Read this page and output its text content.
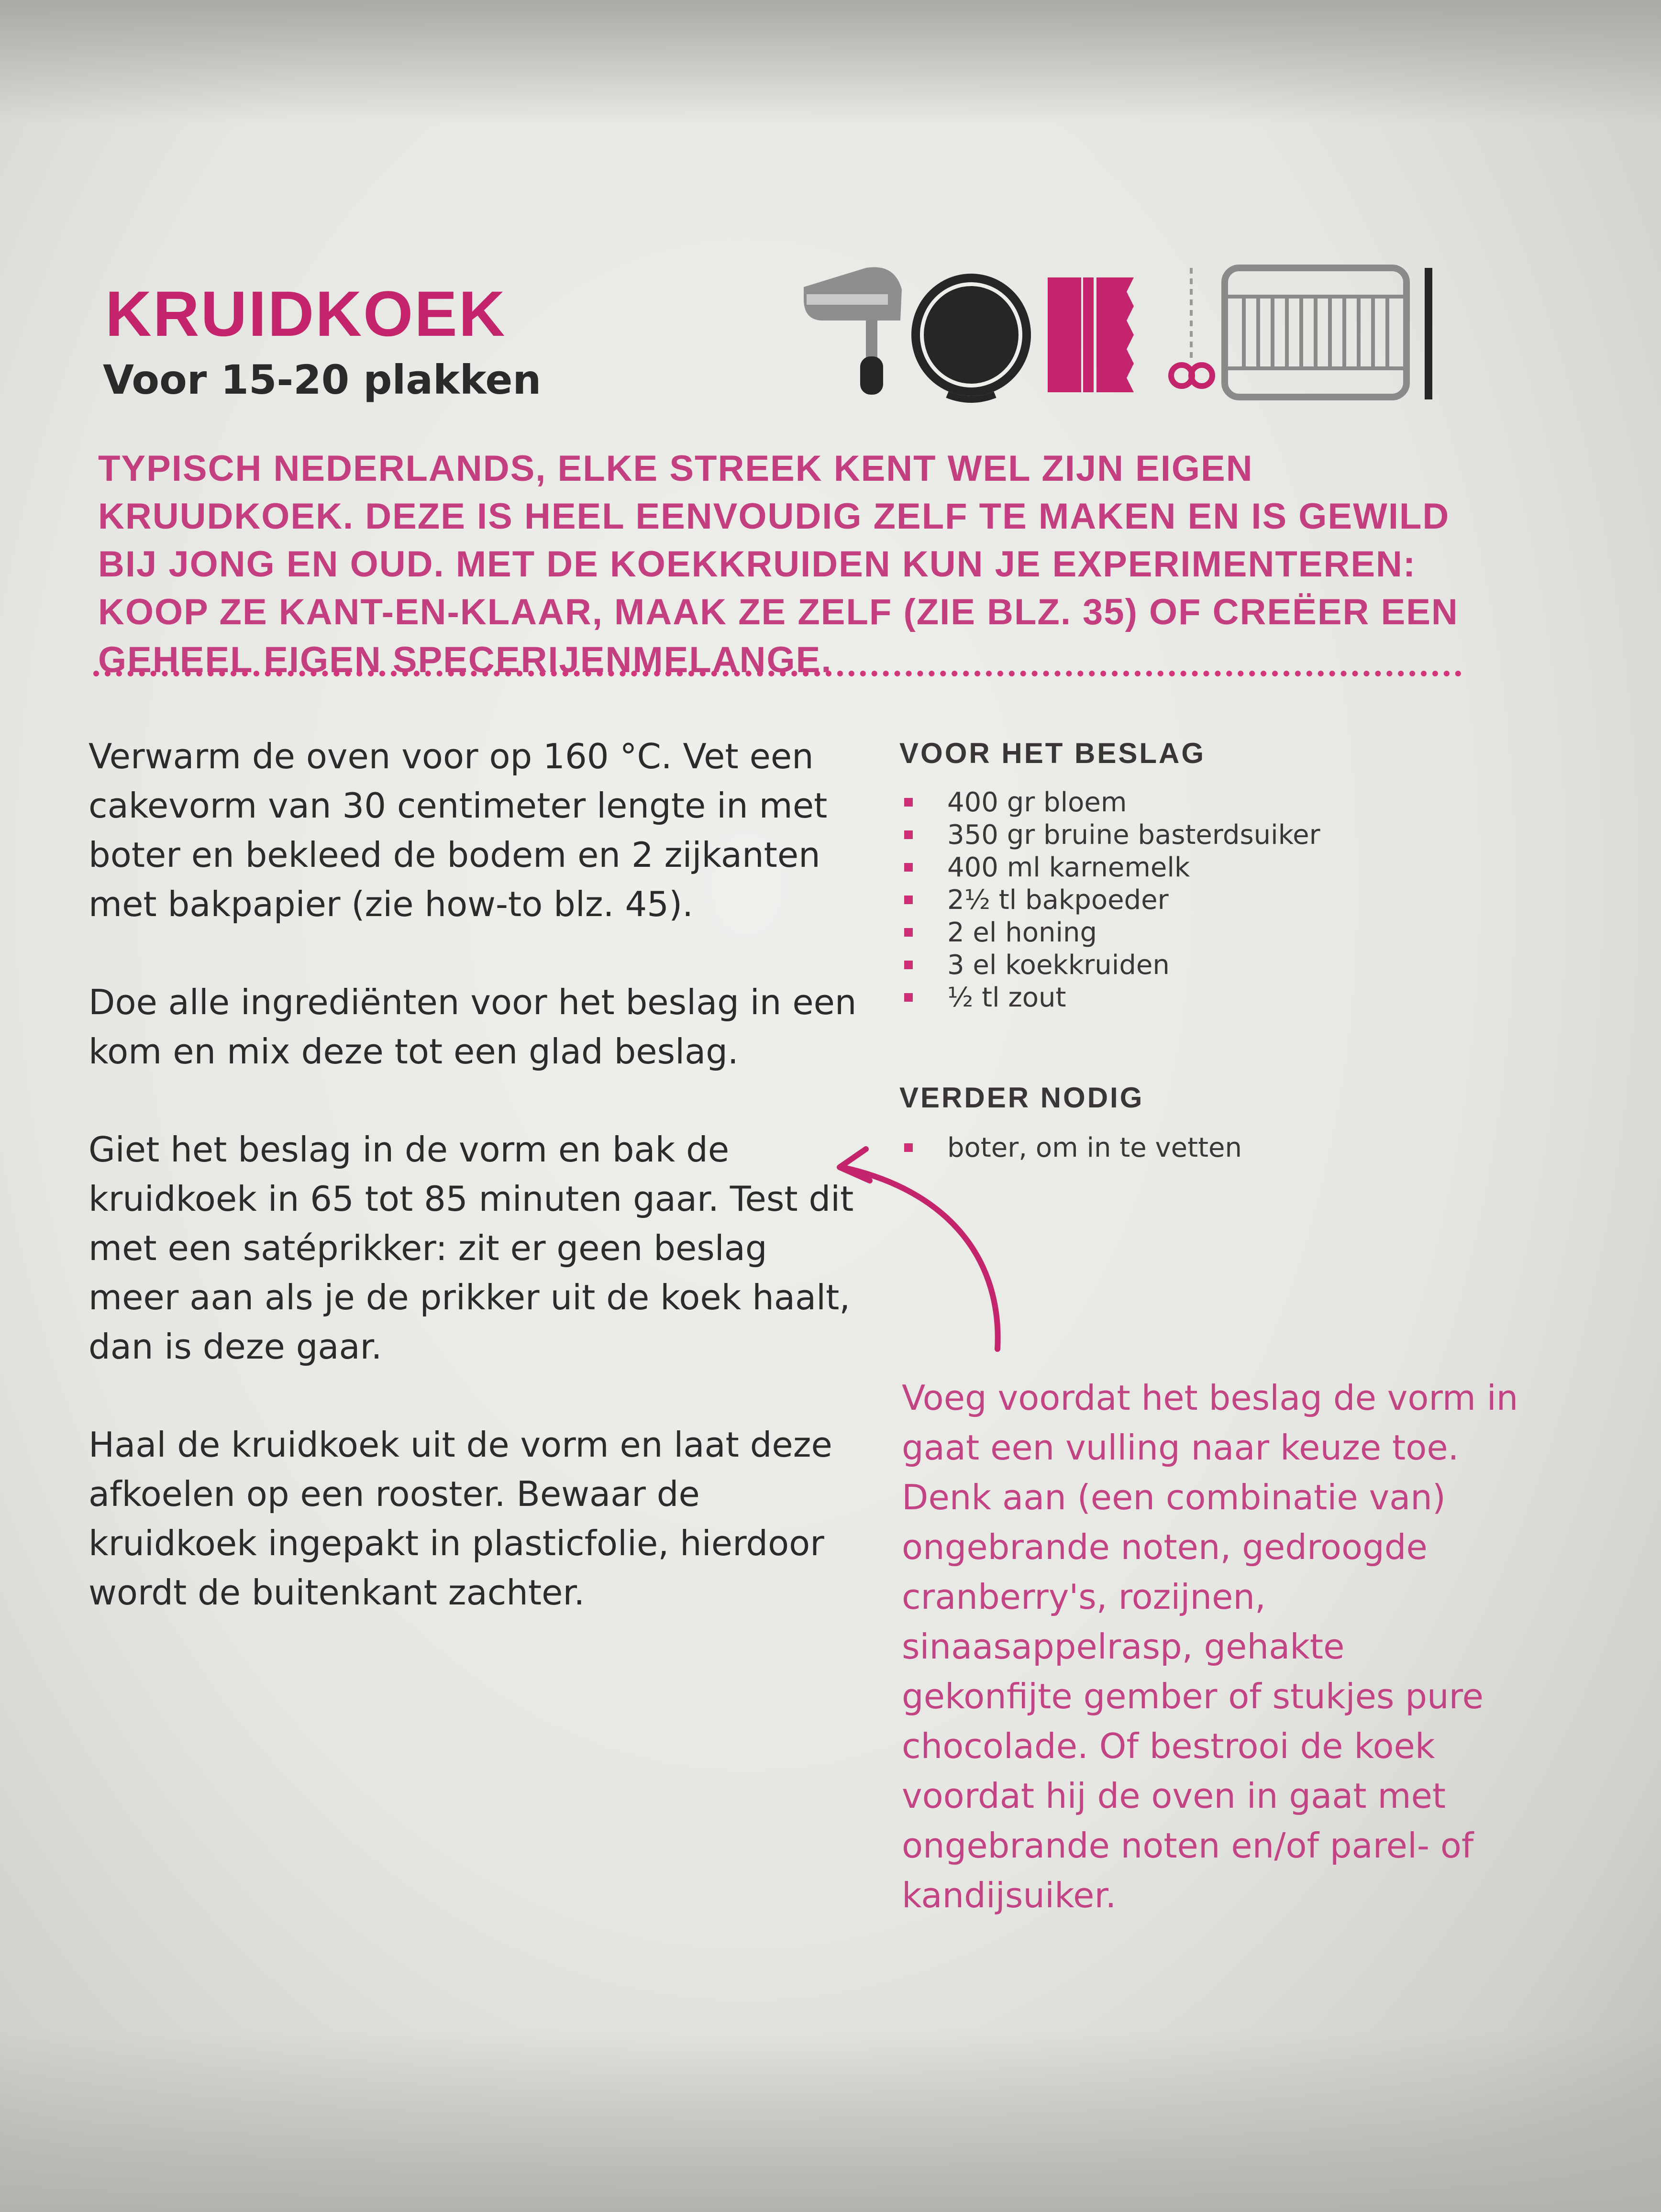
KRUIDKOEK
Voor 15-20 plakken

TYPISCH NEDERLANDS, ELKE STREEK KENT WEL ZIJN EIGEN KRUUDKOEK. DEZE IS HEEL EENVOUDIG ZELF TE MAKEN EN IS GEWILD BIJ JONG EN OUD. MET DE KOEKKRUIDEN KUN JE EXPERIMENTEREN: KOOP ZE KANT-EN-KLAAR, MAAK ZE ZELF (ZIE BLZ. 35) OF CREËER EEN GEHEEL EIGEN SPECERIJENMELANGE.

Verwarm de oven voor op 160 °C. Vet een cakevorm van 30 centimeter lengte in met boter en bekleed de bodem en 2 zijkanten met bakpapier (zie how-to blz. 45).

Doe alle ingrediënten voor het beslag in een kom en mix deze tot een glad beslag.

Giet het beslag in de vorm en bak de kruidkoek in 65 tot 85 minuten gaar. Test dit met een satéprikker: zit er geen beslag meer aan als je de prikker uit de koek haalt, dan is deze gaar.

Haal de kruidkoek uit de vorm en laat deze afkoelen op een rooster. Bewaar de kruidkoek ingepakt in plasticfolie, hierdoor wordt de buitenkant zachter.

VOOR HET BESLAG
400 gr bloem
350 gr bruine basterdsuiker
400 ml karnemelk
2½ tl bakpoeder
2 el honing
3 el koekkruiden
½ tl zout
VERDER NODIG
boter, om in te vetten

Voeg voordat het beslag de vorm in gaat een vulling naar keuze toe. Denk aan (een combinatie van) ongebrande noten, gedroogde cranberry's, rozijnen, sinaasappelrasp, gehakte gekonfijte gember of stukjes pure chocolade. Of bestrooi de koek voordat hij de oven in gaat met ongebrande noten en/of parel- of kandijsuiker.
